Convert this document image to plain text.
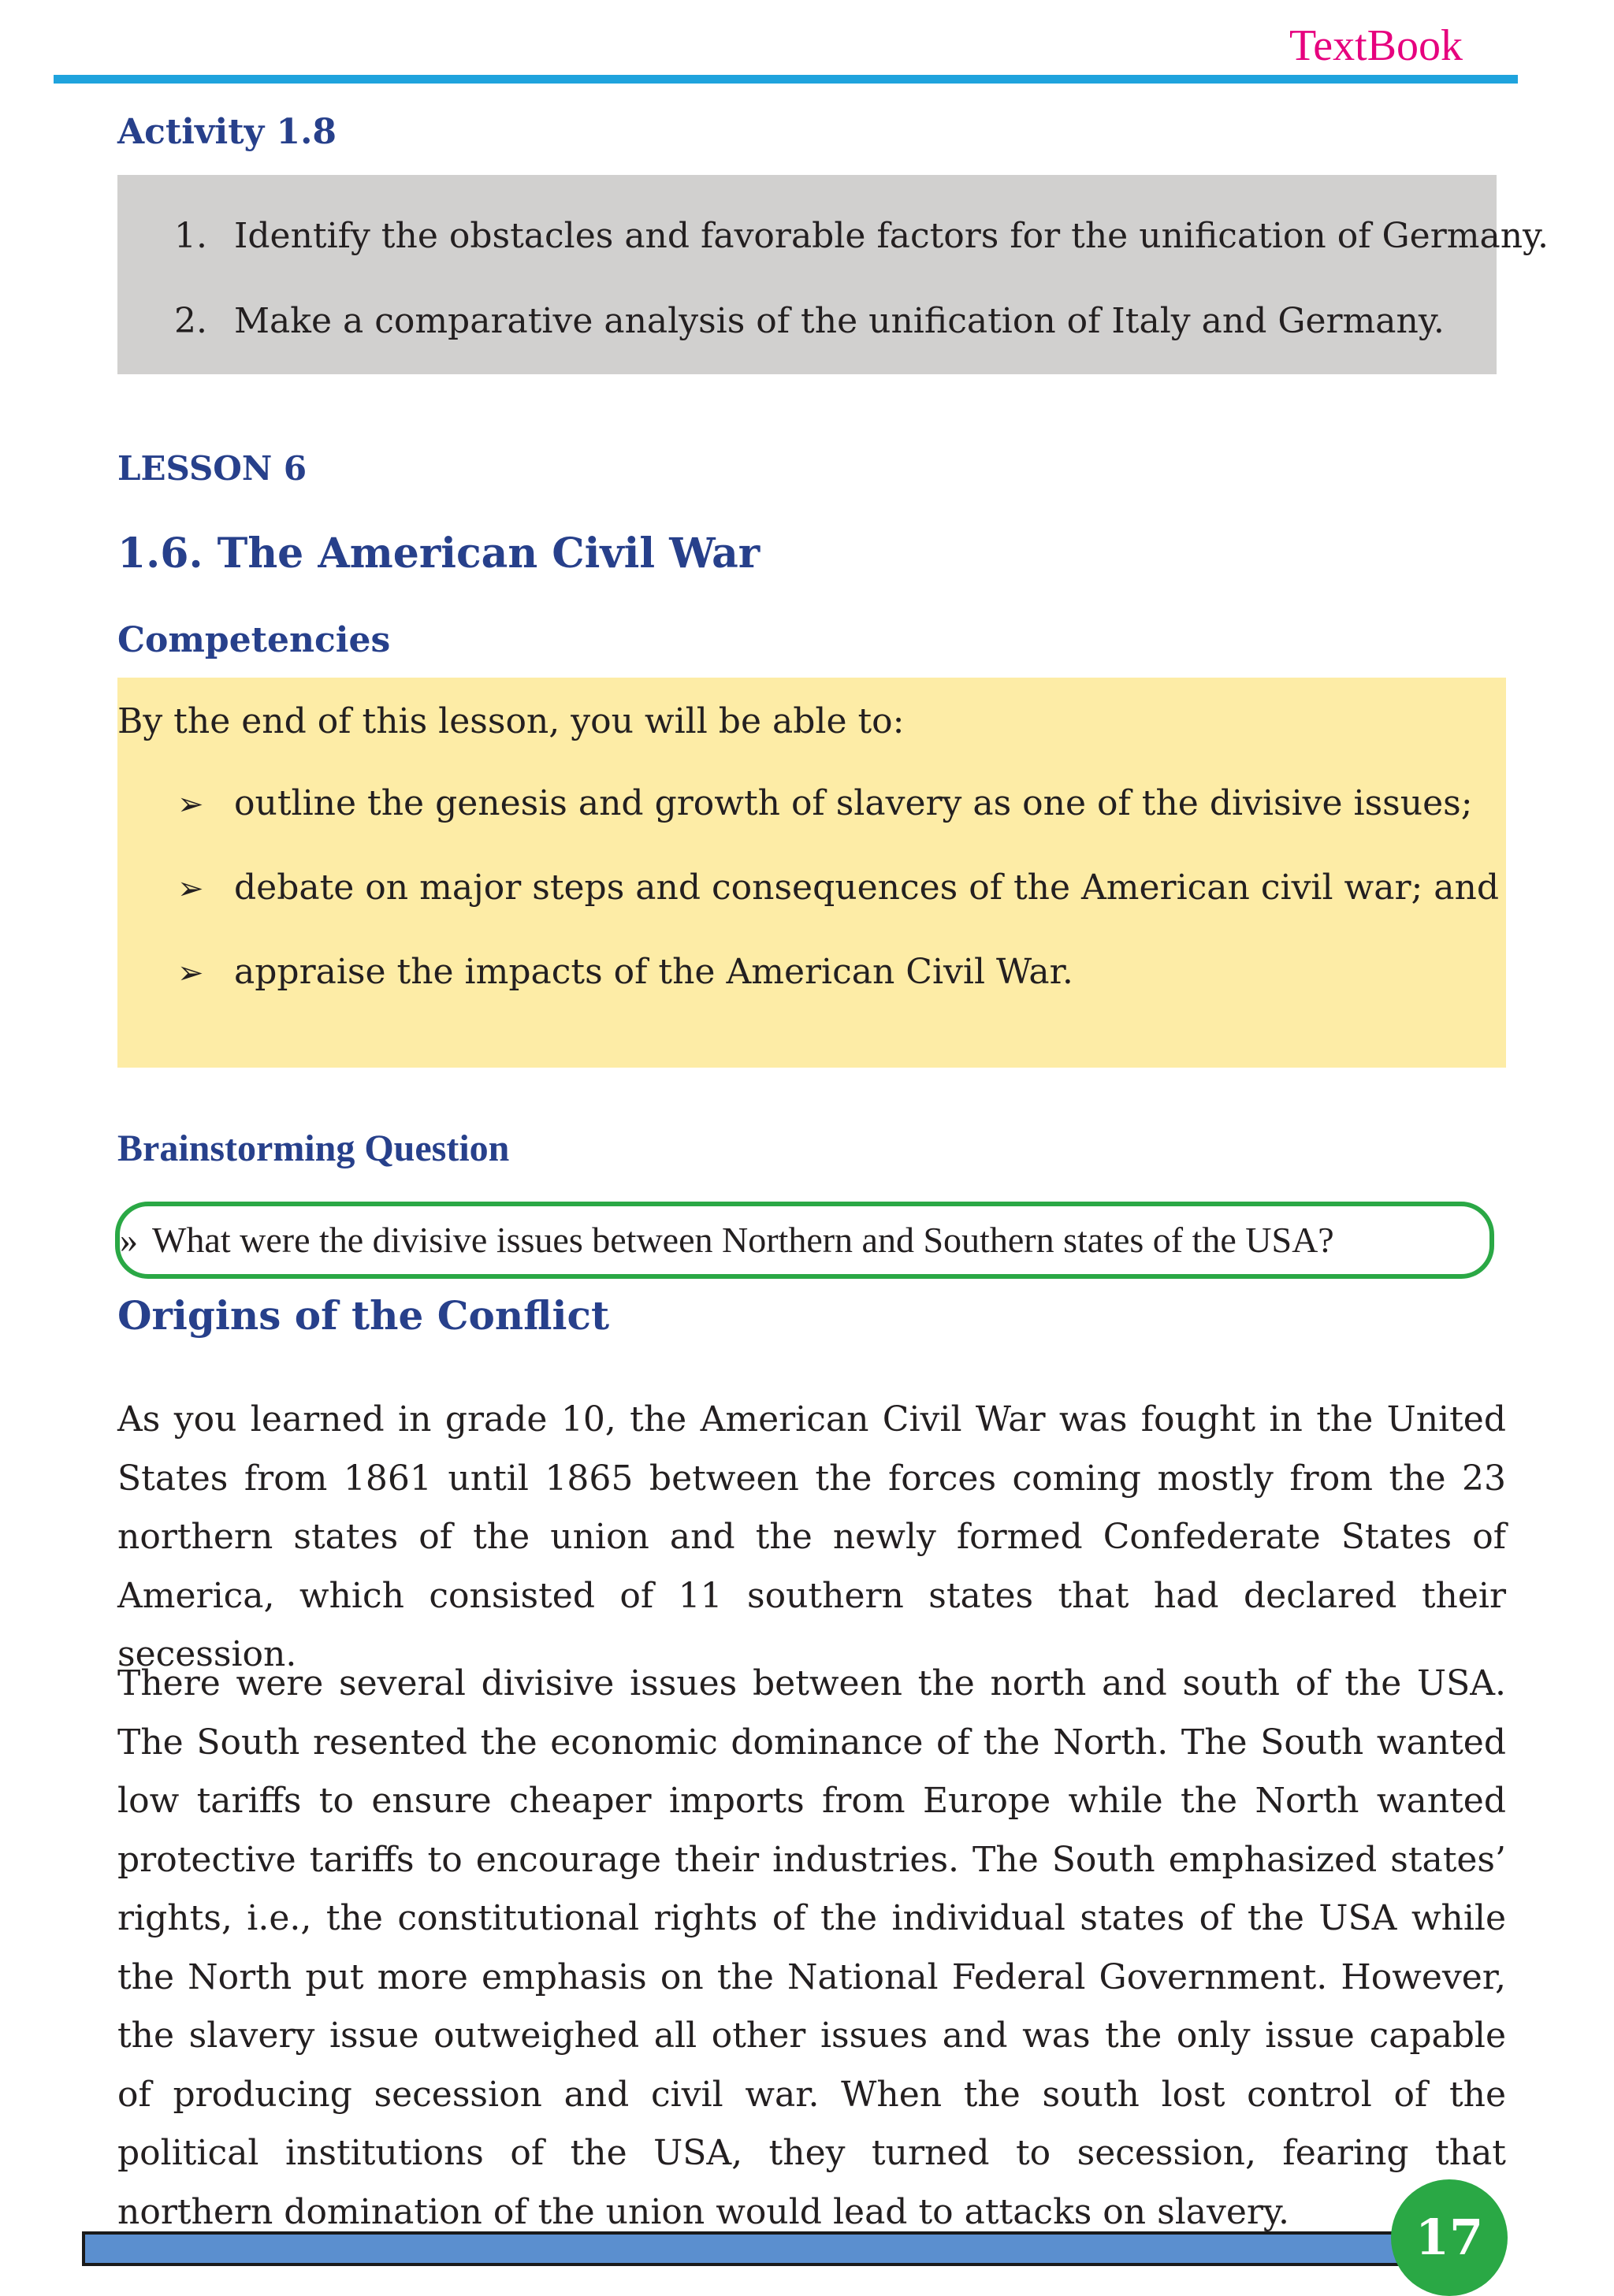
TextBook
Activity 1.8
1. Identify the obstacles and favorable factors for the unification of Germany.
2. Make a comparative analysis of the unification of Italy and Germany.
LESSON 6
1.6. The American Civil War
Competencies
By the end of this lesson, you will be able to:
➢ outline the genesis and growth of slavery as one of the divisive issues;
➢ debate on major steps and consequences of the American civil war; and
➢ appraise the impacts of the American Civil War.
Brainstorming Question
» What were the divisive issues between Northern and Southern states of the USA?
Origins of the Conflict

As you learned in grade 10, the American Civil War was fought in the United States from 1861 until 1865 between the forces coming mostly from the 23 northern states of the union and the newly formed Confederate States of America, which consisted of 11 southern states that had declared their secession.

There were several divisive issues between the north and south of the USA. The South resented the economic dominance of the North. The South wanted low tariffs to ensure cheaper imports from Europe while the North wanted protective tariffs to encourage their industries. The South emphasized states’ rights, i.e., the constitutional rights of the individual states of the USA while the North put more emphasis on the National Federal Government. However, the slavery issue outweighed all other issues and was the only issue capable of producing secession and civil war. When the south lost control of the political institutions of the USA, they turned to secession, fearing that northern domination of the union would lead to attacks on slavery.	17
